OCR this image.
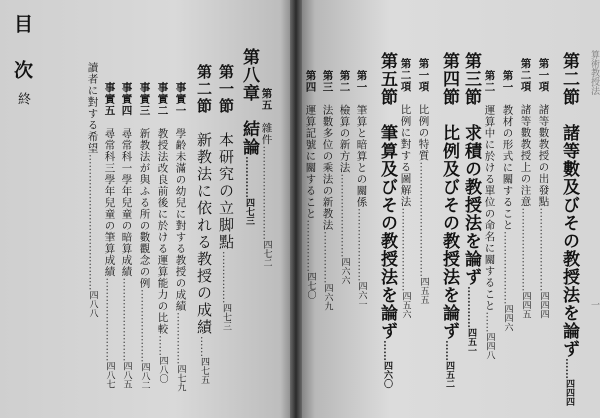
目
次
終	第五　雜件………………………四七二
第八章　結論…………四七三
第一節　本研究の立脚點……………四七三
第二節　新教法に依れる教授の成績……四七五
事實一　學齢未滿の幼兒に對する教授の成績……………四七九
事實二　教授法改良前後に於ける運算能力の比較……四八〇
事實三　新教法が與ふる所の數觀念の例…………………四八二
事實四　尋常科一學年兒童の暗算成績……………………四八五
事實五　尋常科三學年兒童の筆算成績……………………四八七
讀者に對する希望…………………………………四八八
算術教授法
一
第二節　諸等數及びその教授法を論ず……四四四
第一項　諸等數教授の出發點……………………四四四
第二項　諸等數教授上の注意……………………四四五
第一　教材の形式に關すること…………………四四六
第二　運算中に於ける單位の命名に關すること……四四八
第三節　求積の教授法を論ず…………四五一
第四節　比例及びその教授法を論ず……四五二
第一項　比例の特質……………………………四五五
第二項　比例に對する圖解法……………………四五六
第五節　筆算及びその教授法を論ず……四六〇
第一　筆算と暗算との關係…………………四六一
第二　檢算の新方法……………………四六六
第三　法數多位の乘法の新教法……………四六九
第四　運算記號に關すること……………四七〇
